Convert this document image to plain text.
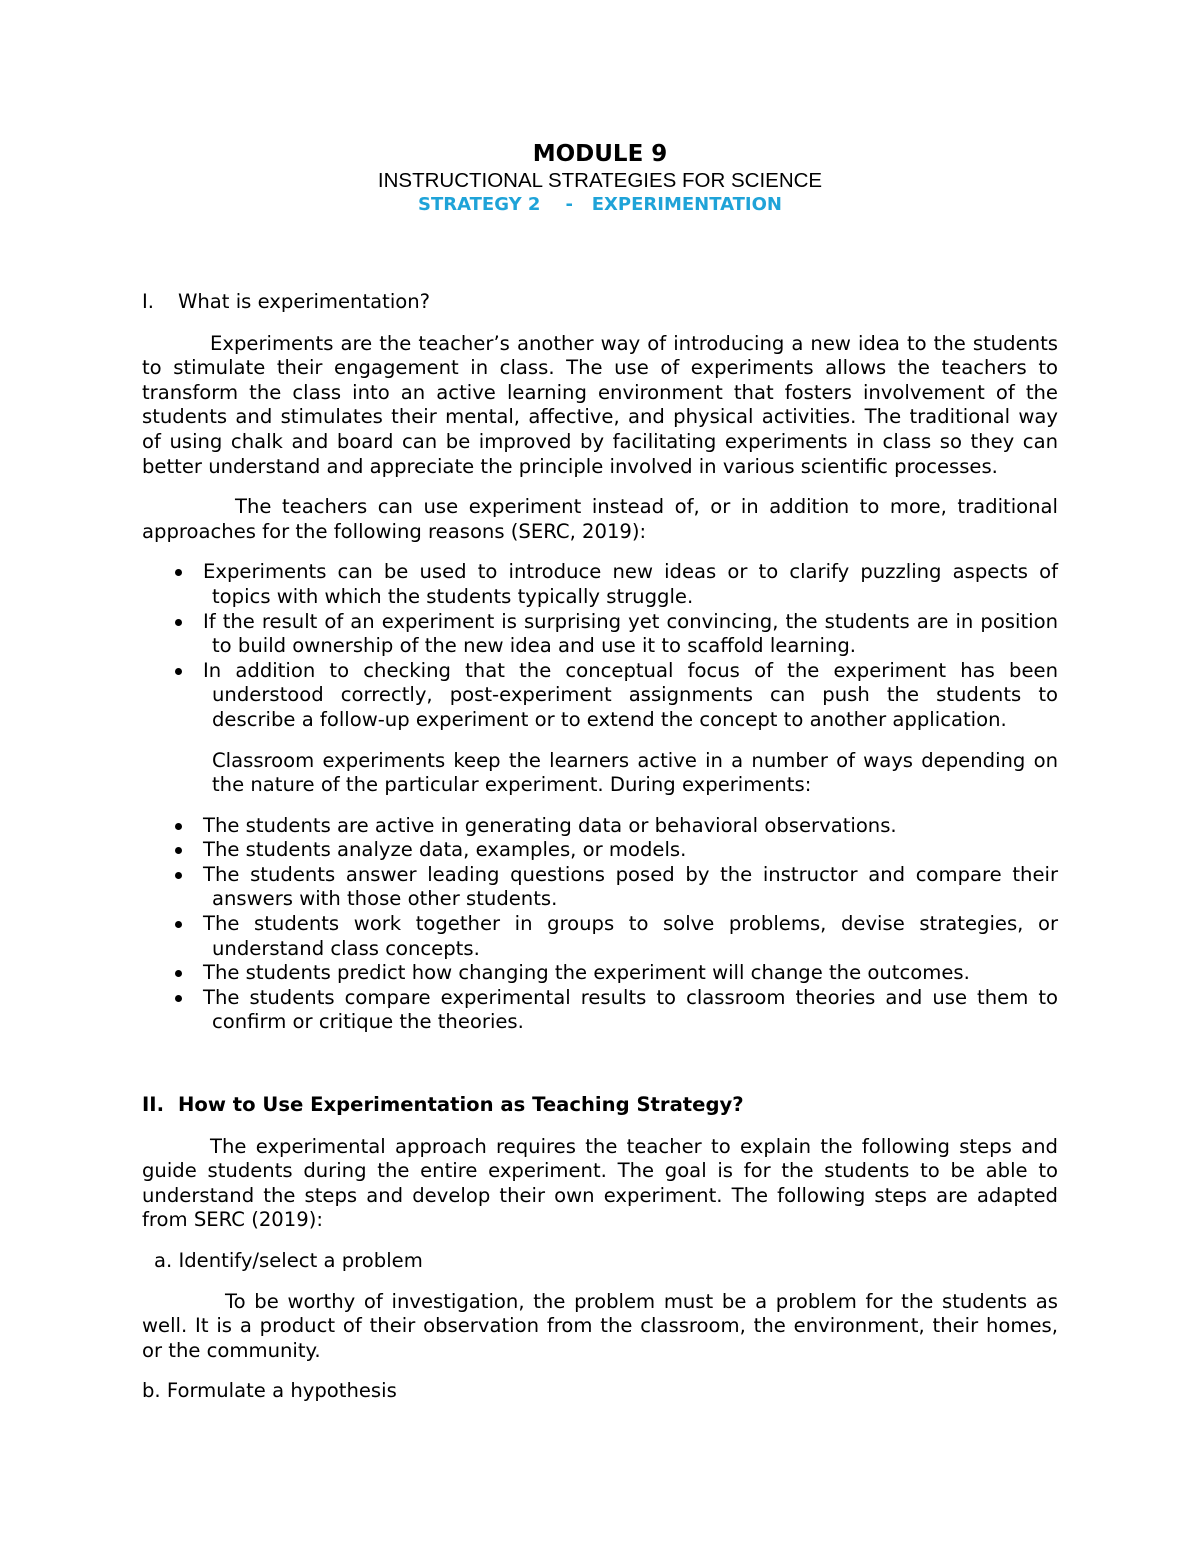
MODULE 9

INSTRUCTIONAL STRATEGIES FOR SCIENCE

STRATEGY 2    -   EXPERIMENTATION

I.	What is experimentation?

Experiments are the teacher’s another way of introducing a new idea to the students to stimulate their engagement in class. The use of experiments allows the teachers to transform the class into an active learning environment that fosters involvement of the students and stimulates their mental, affective, and physical activities. The traditional way of using chalk and board can be improved by facilitating experiments in class so they can better understand and appreciate the principle involved in various scientific processes.

The teachers can use experiment instead of, or in addition to more, traditional approaches for the following reasons (SERC, 2019):

Experiments can be used to introduce new ideas or to clarify puzzling aspects of topics with which the students typically struggle.
If the result of an experiment is surprising yet convincing, the students are in position to build ownership of the new idea and use it to scaffold learning.
In addition to checking that the conceptual focus of the experiment has been understood correctly, post-experiment assignments can push the students to describe a follow-up experiment or to extend the concept to another application.

Classroom experiments keep the learners active in a number of ways depending on the nature of the particular experiment. During experiments:

The students are active in generating data or behavioral observations.
The students analyze data, examples, or models.
The students answer leading questions posed by the instructor and compare their answers with those other students.
The students work together in groups to solve problems, devise strategies, or understand class concepts.
The students predict how changing the experiment will change the outcomes.
The students compare experimental results to classroom theories and use them to confirm or critique the theories.

II. How to Use Experimentation as Teaching Strategy?

The experimental approach requires the teacher to explain the following steps and guide students during the entire experiment. The goal is for the students to be able to understand the steps and develop their own experiment. The following steps are adapted from SERC (2019):

a. Identify/select a problem

To be worthy of investigation, the problem must be a problem for the students as well. It is a product of their observation from the classroom, the environment, their homes, or the community.

b. Formulate a hypothesis
